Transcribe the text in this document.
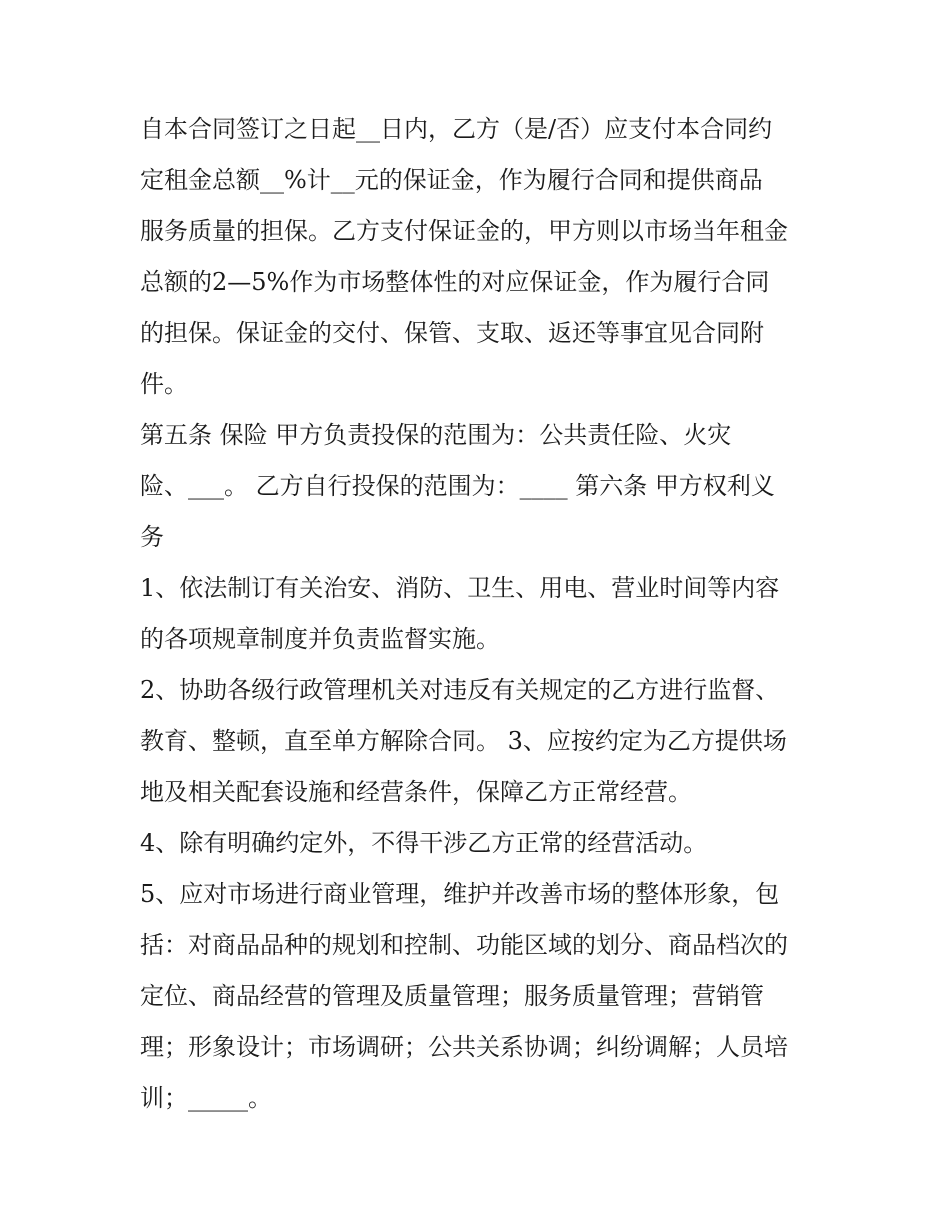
自本合同签订之日起__日内，乙方（是/否）应支付本合同约
定租金总额__%计__元的保证金，作为履行合同和提供商品
服务质量的担保。乙方支付保证金的，甲方则以市场当年租金
总额的2—5%作为市场整体性的对应保证金，作为履行合同
的担保。保证金的交付、保管、支取、返还等事宜见合同附
件。
第五条 保险 甲方负责投保的范围为：公共责任险、火灾
险、___。 乙方自行投保的范围为：____ 第六条 甲方权利义
务
1、依法制订有关治安、消防、卫生、用电、营业时间等内容
的各项规章制度并负责监督实施。
2、协助各级行政管理机关对违反有关规定的乙方进行监督、
教育、整顿，直至单方解除合同。 3、应按约定为乙方提供场
地及相关配套设施和经营条件，保障乙方正常经营。
4、除有明确约定外，不得干涉乙方正常的经营活动。
5、应对市场进行商业管理，维护并改善市场的整体形象，包
括：对商品品种的规划和控制、功能区域的划分、商品档次的
定位、商品经营的管理及质量管理；服务质量管理；营销管
理；形象设计；市场调研；公共关系协调；纠纷调解；人员培
训；_____。
